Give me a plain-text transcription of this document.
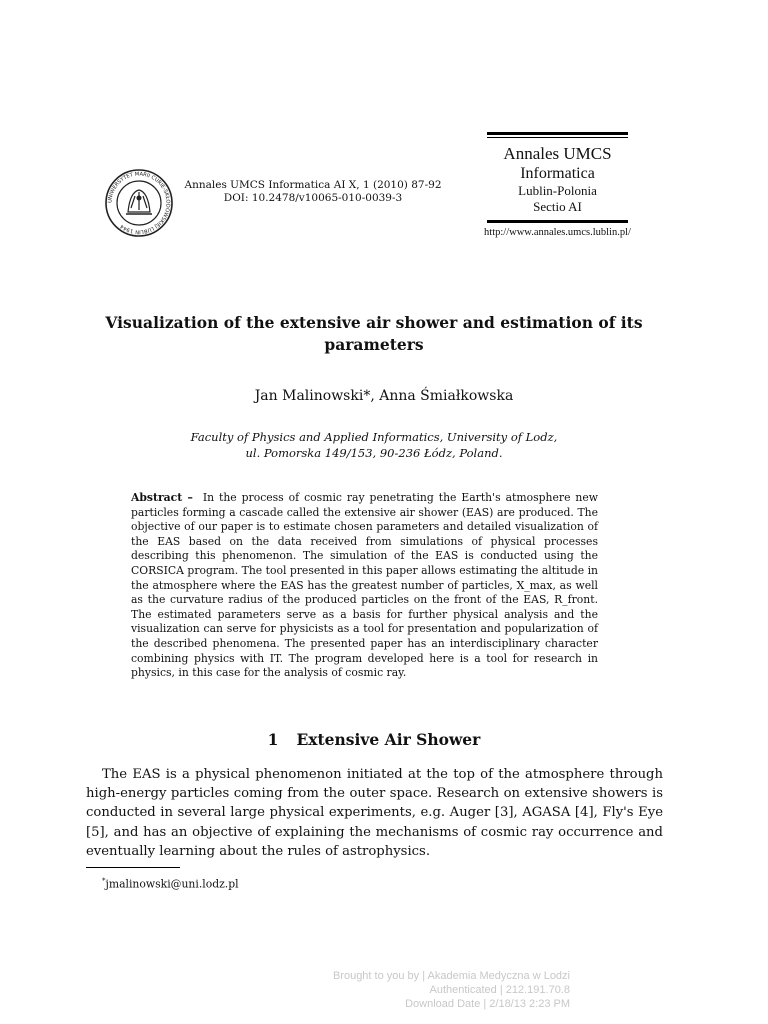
UNIWERSYTET MARII CURIE-SKŁODOWSKIEJ LUBLIN 1944
Annales UMCS Informatica AI X, 1 (2010) 87-92
DOI: 10.2478/v10065-010-0039-3
Annales UMCS
Informatica
Lublin-Polonia
Sectio AI
http://www.annales.umcs.lublin.pl/
Visualization of the extensive air shower and estimation of its parameters
Jan Malinowski*, Anna Śmiałkowska
Faculty of Physics and Applied Informatics, University of Lodz,
ul. Pomorska 149/153, 90-236 Łódz, Poland.
Abstract – In the process of cosmic ray penetrating the Earth's atmosphere new particles forming a cascade called the extensive air shower (EAS) are produced. The objective of our paper is to estimate chosen parameters and detailed visualization of the EAS based on the data received from simulations of physical processes describing this phenomenon. The simulation of the EAS is conducted using the CORSICA program. The tool presented in this paper allows estimating the altitude in the atmosphere where the EAS has the greatest number of particles, X_max, as well as the curvature radius of the produced particles on the front of the EAS, R_front. The estimated parameters serve as a basis for further physical analysis and the visualization can serve for physicists as a tool for presentation and popularization of the described phenomena. The presented paper has an interdisciplinary character combining physics with IT. The program developed here is a tool for research in physics, in this case for the analysis of cosmic ray.
1 Extensive Air Shower
The EAS is a physical phenomenon initiated at the top of the atmosphere through high-energy particles coming from the outer space. Research on extensive showers is conducted in several large physical experiments, e.g. Auger [3], AGASA [4], Fly's Eye [5], and has an objective of explaining the mechanisms of cosmic ray occurrence and eventually learning about the rules of astrophysics.
*jmalinowski@uni.lodz.pl
Brought to you by | Akademia Medyczna w Lodzi
Authenticated | 212.191.70.8
Download Date | 2/18/13 2:23 PM
